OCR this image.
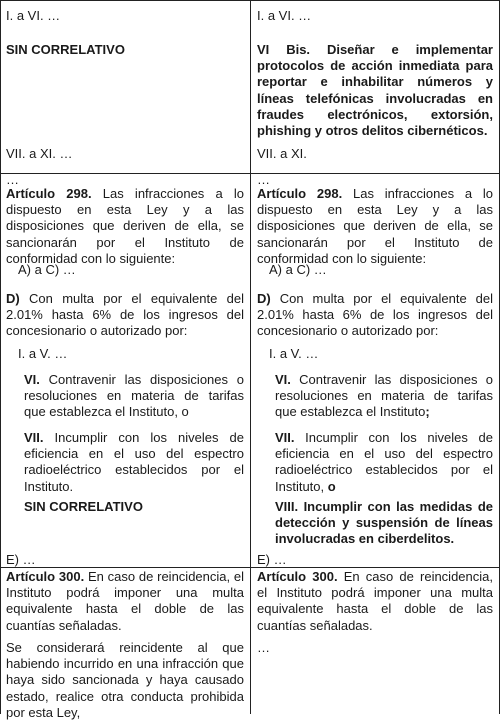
I. a VI. …
SIN CORRELATIVO
VII. a XI. …
I. a VI. …
VI Bis. Diseñar e implementar protocolos de acción inmediata para reportar e inhabilitar números y líneas telefónicas involucradas en fraudes electrónicos, extorsión, phishing y otros delitos cibernéticos.
VII. a XI.
…
Artículo 298. Las infracciones a lo dispuesto en esta Ley y a las disposiciones que deriven de ella, se sancionarán por el Instituto de conformidad con lo siguiente:
A) a C) …
D) Con multa por el equivalente del 2.01% hasta 6% de los ingresos del concesionario o autorizado por:
I. a V. …
VI. Contravenir las disposiciones o resoluciones en materia de tarifas que establezca el Instituto, o
VII. Incumplir con los niveles de eficiencia en el uso del espectro radioeléctrico establecidos por el Instituto.
SIN CORRELATIVO
E) …
…
Artículo 298. Las infracciones a lo dispuesto en esta Ley y a las disposiciones que deriven de ella, se sancionarán por el Instituto de conformidad con lo siguiente:
A) a C) …
D) Con multa por el equivalente del 2.01% hasta 6% de los ingresos del concesionario o autorizado por:
I. a V. …
VI. Contravenir las disposiciones o resoluciones en materia de tarifas que establezca el Instituto;
VII. Incumplir con los niveles de eficiencia en el uso del espectro radioeléctrico establecidos por el Instituto, o
VIII. Incumplir con las medidas de detección y suspensión de líneas involucradas en ciberdelitos.
E) …
Artículo 300. En caso de reincidencia, el Instituto podrá imponer una multa equivalente hasta el doble de las cuantías señaladas.
Se considerará reincidente al que habiendo incurrido en una infracción que haya sido sancionada y haya causado estado, realice otra conducta prohibida por esta Ley,
Artículo 300. En caso de reincidencia, el Instituto podrá imponer una multa equivalente hasta el doble de las cuantías señaladas.
…
